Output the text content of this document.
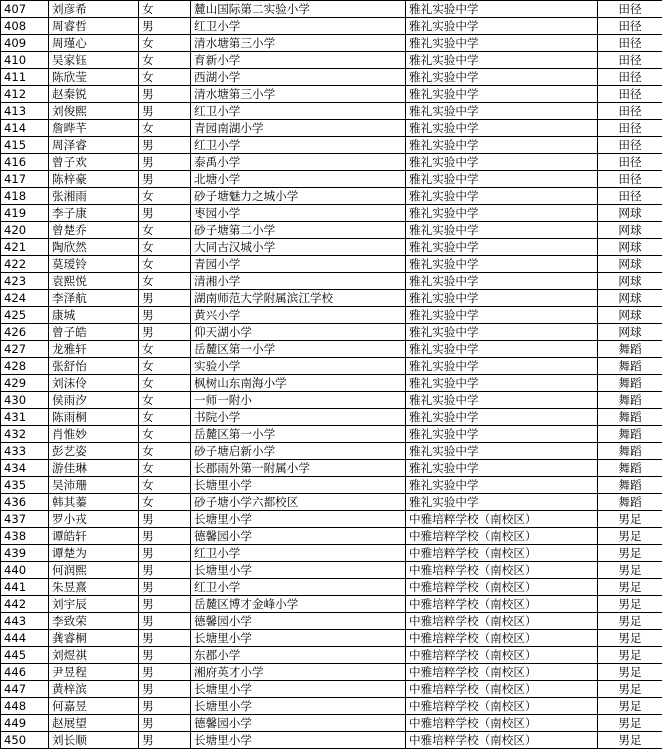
407	刘彦希	女	麓山国际第二实验小学	雅礼实验中学	田径
408	周睿哲	男	红卫小学	雅礼实验中学	田径
409	周瑾心	女	清水塘第三小学	雅礼实验中学	田径
410	吴家钰	女	育新小学	雅礼实验中学	田径
411	陈欣莹	女	西湖小学	雅礼实验中学	田径
412	赵秦锐	男	清水塘第三小学	雅礼实验中学	田径
413	刘俊熙	男	红卫小学	雅礼实验中学	田径
414	詹晔芊	女	青园南湖小学	雅礼实验中学	田径
415	周泽睿	男	红卫小学	雅礼实验中学	田径
416	曾子欢	男	泰禹小学	雅礼实验中学	田径
417	陈梓豪	男	北塘小学	雅礼实验中学	田径
418	张湘雨	女	砂子塘魅力之城小学	雅礼实验中学	田径
419	李子康	男	枣园小学	雅礼实验中学	网球
420	曾楚乔	女	砂子塘第二小学	雅礼实验中学	网球
421	陶欣然	女	大同古汉城小学	雅礼实验中学	网球
422	莫瑷铃	女	青园小学	雅礼实验中学	网球
423	袁熙悦	女	清湘小学	雅礼实验中学	网球
424	李泽航	男	湖南师范大学附属滨江学校	雅礼实验中学	网球
425	康城	男	黄兴小学	雅礼实验中学	网球
426	曾子皓	男	仰天湖小学	雅礼实验中学	网球
427	龙雅轩	女	岳麓区第一小学	雅礼实验中学	舞蹈
428	张舒怡	女	实验小学	雅礼实验中学	舞蹈
429	刘沫伶	女	枫树山东南海小学	雅礼实验中学	舞蹈
430	侯雨汐	女	一师一附小	雅礼实验中学	舞蹈
431	陈雨桐	女	书院小学	雅礼实验中学	舞蹈
432	肖惟妙	女	岳麓区第一小学	雅礼实验中学	舞蹈
433	彭艺姿	女	砂子塘启新小学	雅礼实验中学	舞蹈
434	游佳琳	女	长郡雨外第一附属小学	雅礼实验中学	舞蹈
435	吴沛珊	女	长塘里小学	雅礼实验中学	舞蹈
436	韩其蓁	女	砂子塘小学六都校区	雅礼实验中学	舞蹈
437	罗小戎	男	长塘里小学	中雅培粹学校（南校区）	男足
438	谭皓轩	男	德馨园小学	中雅培粹学校（南校区）	男足
439	谭楚为	男	红卫小学	中雅培粹学校（南校区）	男足
440	何润熙	男	长塘里小学	中雅培粹学校（南校区）	男足
441	朱昱熹	男	红卫小学	中雅培粹学校（南校区）	男足
442	刘宇辰	男	岳麓区博才金峰小学	中雅培粹学校（南校区）	男足
443	李致荣	男	德馨园小学	中雅培粹学校（南校区）	男足
444	龚睿桐	男	长塘里小学	中雅培粹学校（南校区）	男足
445	刘煜祺	男	东郡小学	中雅培粹学校（南校区）	男足
446	尹昱程	男	湘府英才小学	中雅培粹学校（南校区）	男足
447	黄梓滨	男	长塘里小学	中雅培粹学校（南校区）	男足
448	何嘉昱	男	长塘里小学	中雅培粹学校（南校区）	男足
449	赵展望	男	德馨园小学	中雅培粹学校（南校区）	男足
450	刘长顺	男	长塘里小学	中雅培粹学校（南校区）	男足
